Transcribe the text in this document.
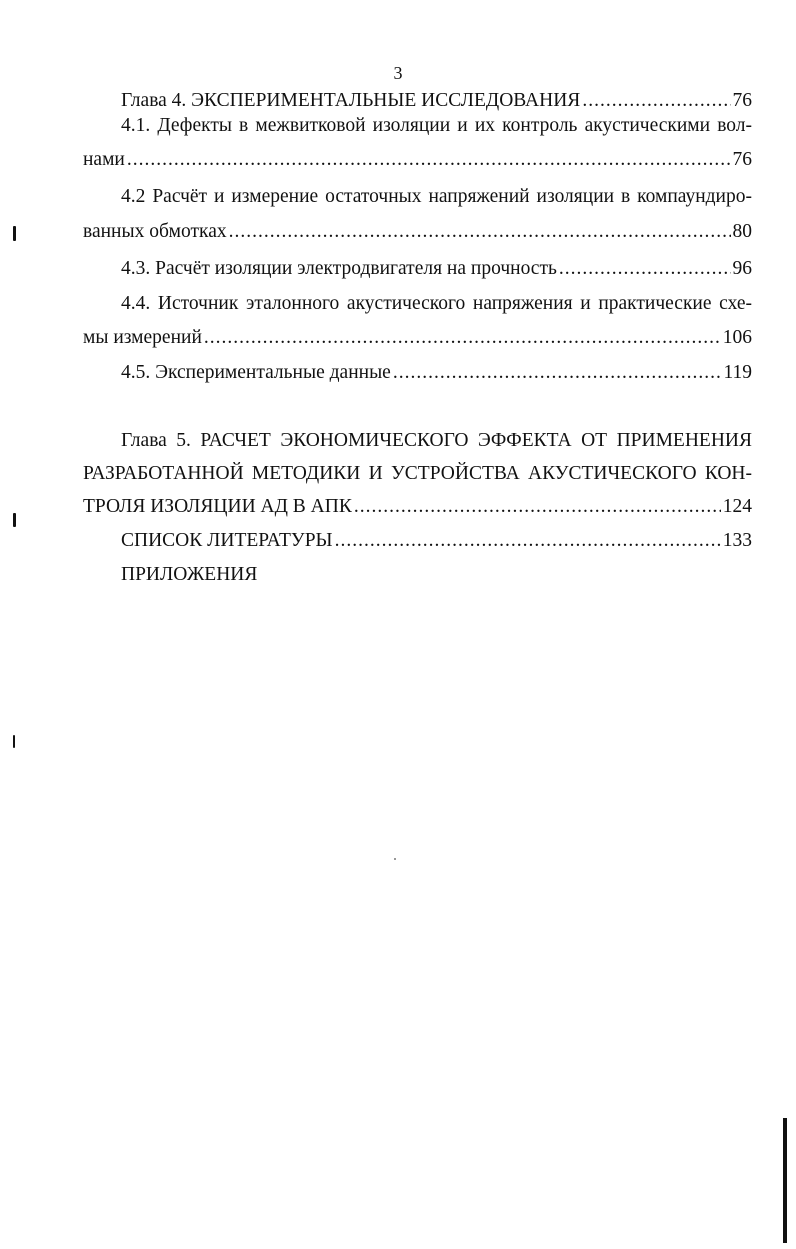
3
Глава 4. ЭКСПЕРИМЕНТАЛЬНЫЕ ИССЛЕДОВАНИЯ .....	76
4.1. Дефекты в межвитковой изоляции и их контроль акустическими вол-
нами .....	76
4.2 Расчёт и измерение остаточных напряжений изоляции в компаундиро-
ванных обмотках .....	80
4.3. Расчёт изоляции электродвигателя на прочность .....	96
4.4. Источник эталонного акустического напряжения и практические схе-
мы измерений .....	106
4.5. Экспериментальные данные .....	119
Глава 5. РАСЧЕТ ЭКОНОМИЧЕСКОГО ЭФФЕКТА ОТ ПРИМЕНЕНИЯ
РАЗРАБОТАННОЙ МЕТОДИКИ И УСТРОЙСТВА АКУСТИЧЕСКОГО КОН-
ТРОЛЯ ИЗОЛЯЦИИ АД В АПК .....	124
СПИСОК ЛИТЕРАТУРЫ .....	133
ПРИЛОЖЕНИЯ
